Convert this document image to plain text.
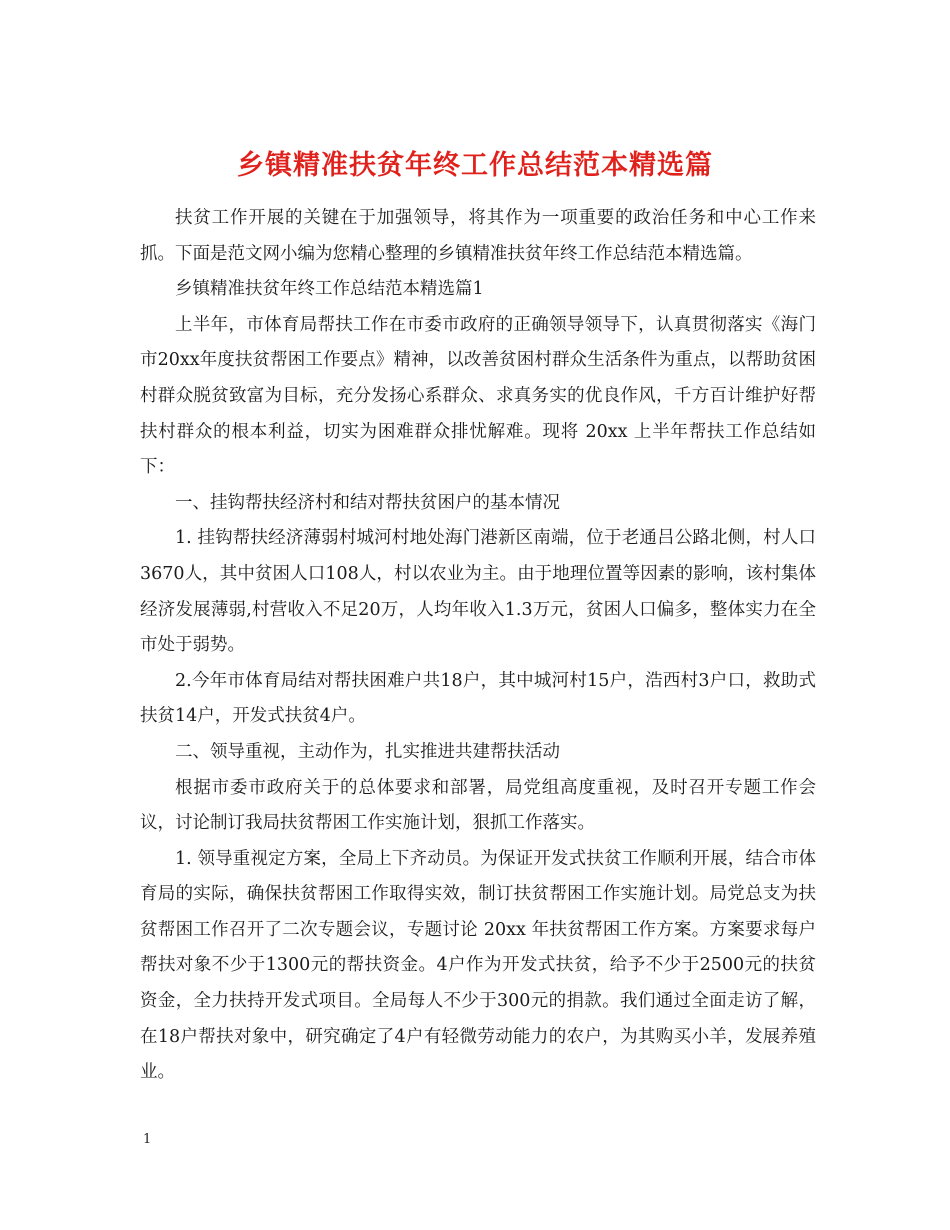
乡镇精准扶贫年终工作总结范本精选篇

扶贫工作开展的关键在于加强领导，将其作为一项重要的政治任务和中心工作来抓。下面是范文网小编为您精心整理的乡镇精准扶贫年终工作总结范本精选篇。

乡镇精准扶贫年终工作总结范本精选篇1

上半年，市体育局帮扶工作在市委市政府的正确领导领导下，认真贯彻落实《海门市20xx年度扶贫帮困工作要点》精神，以改善贫困村群众生活条件为重点，以帮助贫困村群众脱贫致富为目标，充分发扬心系群众、求真务实的优良作风，千方百计维护好帮扶村群众的根本利益，切实为困难群众排忧解难。现将 20xx 上半年帮扶工作总结如下：

一、挂钩帮扶经济村和结对帮扶贫困户的基本情况

1. 挂钩帮扶经济薄弱村城河村地处海门港新区南端，位于老通吕公路北侧，村人口3670人，其中贫困人口108人，村以农业为主。由于地理位置等因素的影响，该村集体经济发展薄弱,村营收入不足20万，人均年收入1.3万元，贫困人口偏多，整体实力在全市处于弱势。

2.今年市体育局结对帮扶困难户共18户，其中城河村15户，浩西村3户口，救助式扶贫14户，开发式扶贫4户。

二、领导重视，主动作为，扎实推进共建帮扶活动

根据市委市政府关于的总体要求和部署，局党组高度重视，及时召开专题工作会议，讨论制订我局扶贫帮困工作实施计划，狠抓工作落实。

1. 领导重视定方案，全局上下齐动员。为保证开发式扶贫工作顺利开展，结合市体育局的实际，确保扶贫帮困工作取得实效，制订扶贫帮困工作实施计划。局党总支为扶贫帮困工作召开了二次专题会议，专题讨论 20xx 年扶贫帮困工作方案。方案要求每户帮扶对象不少于1300元的帮扶资金。4户作为开发式扶贫，给予不少于2500元的扶贫资金，全力扶持开发式项目。全局每人不少于300元的捐款。我们通过全面走访了解，在18户帮扶对象中，研究确定了4户有轻微劳动能力的农户，为其购买小羊，发展养殖业。

1
